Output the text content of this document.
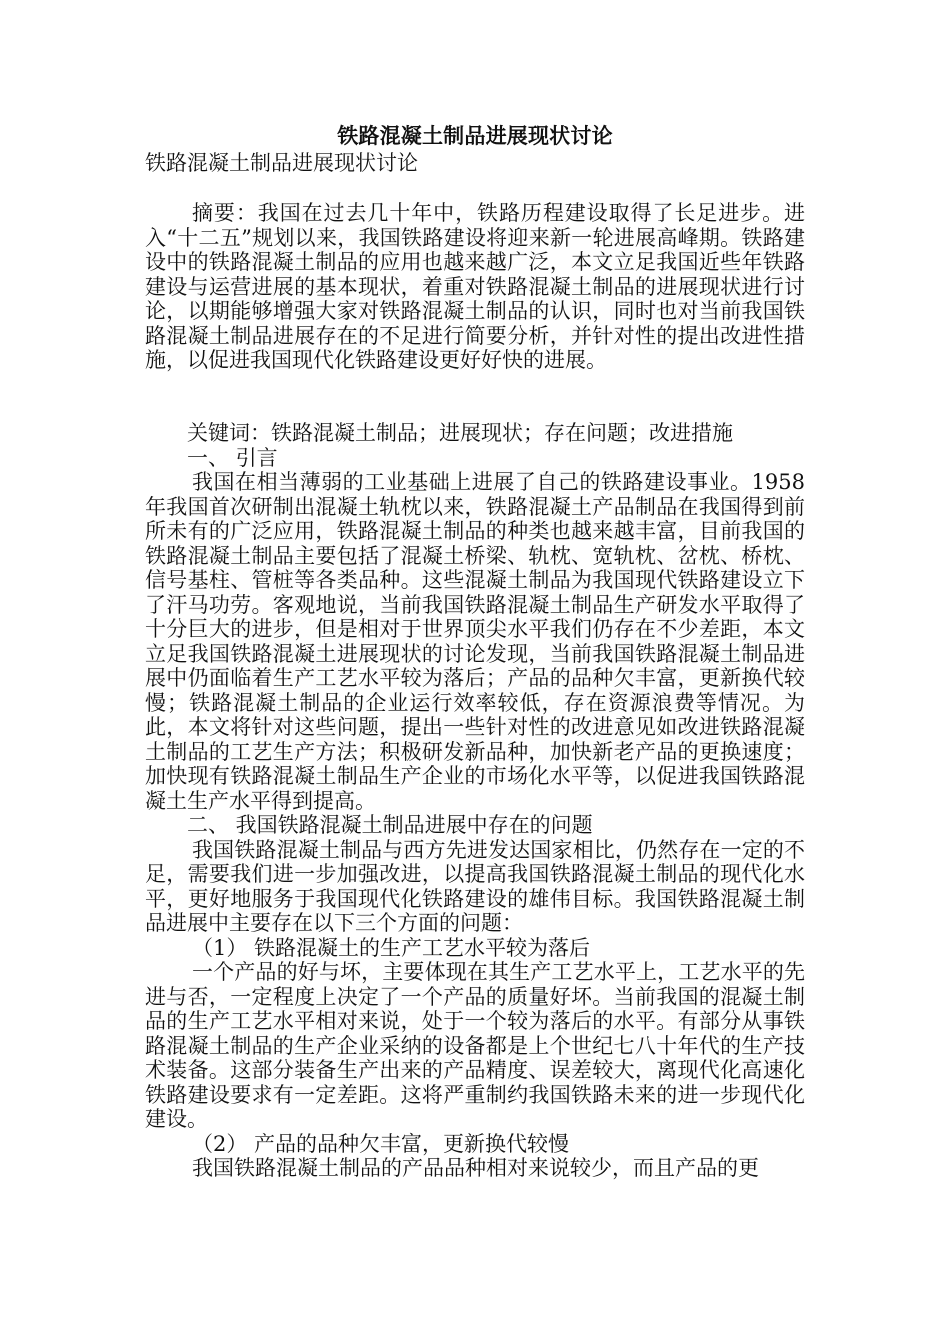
铁路混凝土制品进展现状讨论
铁路混凝土制品进展现状讨论

摘要：我国在过去几十年中，铁路历程建设取得了长足进步。进入“十二五”规划以来，我国铁路建设将迎来新一轮进展高峰期。铁路建设中的铁路混凝土制品的应用也越来越广泛，本文立足我国近些年铁路建设与运营进展的基本现状，着重对铁路混凝土制品的进展现状进行讨论，以期能够增强大家对铁路混凝土制品的认识，同时也对当前我国铁路混凝土制品进展存在的不足进行简要分析，并针对性的提出改进性措施，以促进我国现代化铁路建设更好好快的进展。

关键词：铁路混凝土制品；进展现状；存在问题；改进措施

一、 引言

我国在相当薄弱的工业基础上进展了自己的铁路建设事业。1958年我国首次研制出混凝土轨枕以来，铁路混凝土产品制品在我国得到前所未有的广泛应用，铁路混凝土制品的种类也越来越丰富，目前我国的铁路混凝土制品主要包括了混凝土桥梁、轨枕、宽轨枕、岔枕、桥枕、信号基柱、管桩等各类品种。这些混凝土制品为我国现代铁路建设立下了汗马功劳。客观地说，当前我国铁路混凝土制品生产研发水平取得了十分巨大的进步，但是相对于世界顶尖水平我们仍存在不少差距，本文立足我国铁路混凝土进展现状的讨论发现，当前我国铁路混凝土制品进展中仍面临着生产工艺水平较为落后；产品的品种欠丰富，更新换代较慢；铁路混凝土制品的企业运行效率较低，存在资源浪费等情况。为此，本文将针对这些问题，提出一些针对性的改进意见如改进铁路混凝土制品的工艺生产方法；积极研发新品种，加快新老产品的更换速度；加快现有铁路混凝土制品生产企业的市场化水平等，以促进我国铁路混凝土生产水平得到提高。

二、 我国铁路混凝土制品进展中存在的问题

我国铁路混凝土制品与西方先进发达国家相比，仍然存在一定的不足，需要我们进一步加强改进，以提高我国铁路混凝土制品的现代化水平，更好地服务于我国现代化铁路建设的雄伟目标。我国铁路混凝土制品进展中主要存在以下三个方面的问题：

（1） 铁路混凝土的生产工艺水平较为落后

一个产品的好与坏，主要体现在其生产工艺水平上，工艺水平的先进与否，一定程度上决定了一个产品的质量好坏。当前我国的混凝土制品的生产工艺水平相对来说，处于一个较为落后的水平。有部分从事铁路混凝土制品的生产企业采纳的设备都是上个世纪七八十年代的生产技术装备。这部分装备生产出来的产品精度、误差较大，离现代化高速化铁路建设要求有一定差距。这将严重制约我国铁路未来的进一步现代化建设。

（2） 产品的品种欠丰富，更新换代较慢

我国铁路混凝土制品的产品品种相对来说较少，而且产品的更
